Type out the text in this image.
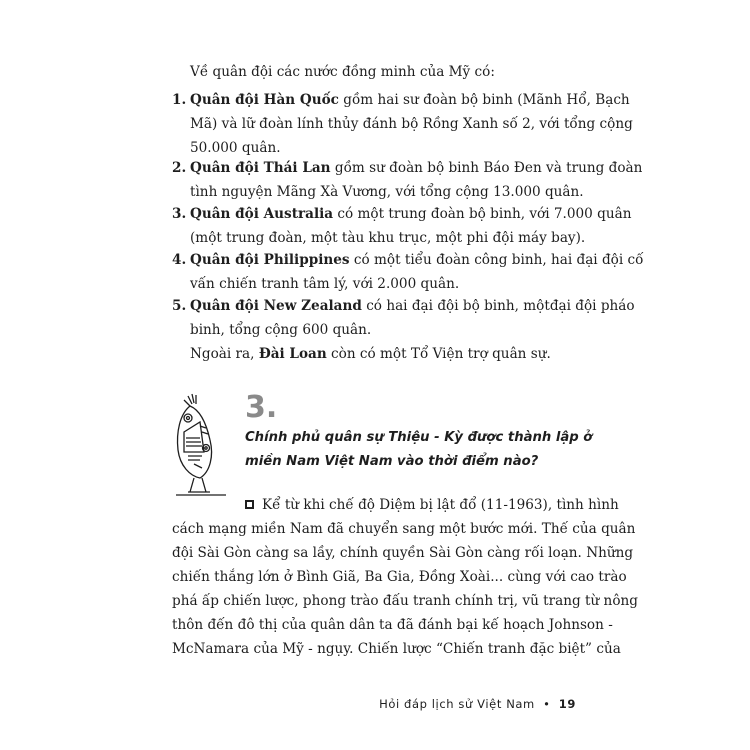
Về quân đội các nước đồng minh của Mỹ có:
1. Quân đội Hàn Quốc gồm hai sư đoàn bộ binh (Mãnh Hổ, Bạch
Mã) và lữ đoàn lính thủy đánh bộ Rồng Xanh số 2, với tổng cộng
50.000 quân.
2. Quân đội Thái Lan gồm sư đoàn bộ binh Báo Đen và trung đoàn
tình nguyện Mãng Xà Vương, với tổng cộng 13.000 quân.
3. Quân đội Australia có một trung đoàn bộ binh, với 7.000 quân
(một trung đoàn, một tàu khu trục, một phi đội máy bay).
4. Quân đội Philippines có một tiểu đoàn công binh, hai đại đội cố
vấn chiến tranh tâm lý, với 2.000 quân.
5. Quân đội New Zealand có hai đại đội bộ binh, mộtđại đội pháo
binh, tổng cộng 600 quân.
Ngoài ra, Đài Loan còn có một Tổ Viện trợ quân sự.
3.
Chính phủ quân sự Thiệu - Kỳ được thành lập ở
miền Nam Việt Nam vào thời điểm nào?
Kể từ khi chế độ Diệm bị lật đổ (11-1963), tình hình
cách mạng miền Nam đã chuyển sang một bước mới. Thế của quân
đội Sài Gòn càng sa lầy, chính quyền Sài Gòn càng rối loạn. Những
chiến thắng lớn ở Bình Giã, Ba Gia, Đồng Xoài... cùng với cao trào
phá ấp chiến lược, phong trào đấu tranh chính trị, vũ trang từ nông
thôn đến đô thị của quân dân ta đã đánh bại kế hoạch Johnson -
McNamara của Mỹ - ngụy. Chiến lược “Chiến tranh đặc biệt” của
Hỏi đáp lịch sử Việt Nam • 19
